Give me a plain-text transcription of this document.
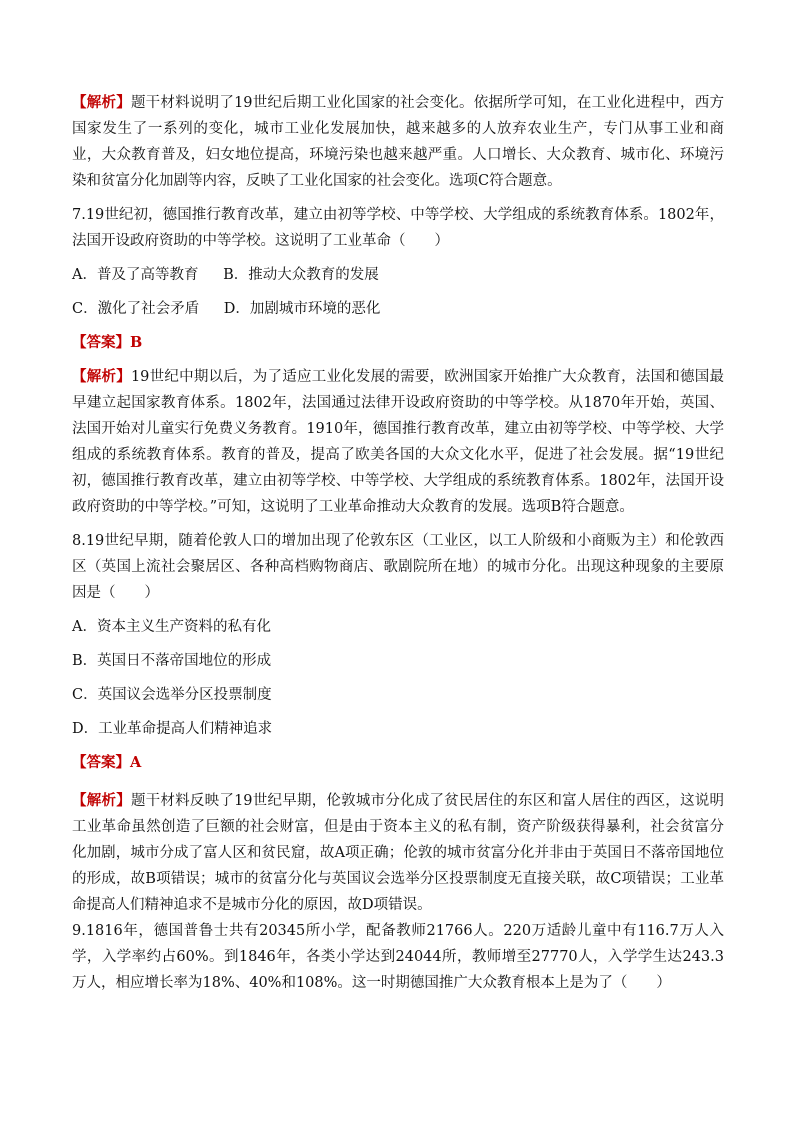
【解析】题干材料说明了19世纪后期工业化国家的社会变化。依据所学可知，在工业化进程中，西方国家发生了一系列的变化，城市工业化发展加快，越来越多的人放弃农业生产，专门从事工业和商业，大众教育普及，妇女地位提高，环境污染也越来越严重。人口增长、大众教育、城市化、环境污染和贫富分化加剧等内容，反映了工业化国家的社会变化。选项C符合题意。

7.19世纪初，德国推行教育改革，建立由初等学校、中等学校、大学组成的系统教育体系。1802年，法国开设政府资助的中等学校。这说明了工业革命（　　）

A．普及了高等教育 B．推动大众教育的发展

C．激化了社会矛盾 D．加剧城市环境的恶化

【答案】B

【解析】19世纪中期以后，为了适应工业化发展的需要，欧洲国家开始推广大众教育，法国和德国最早建立起国家教育体系。1802年，法国通过法律开设政府资助的中等学校。从1870年开始，英国、法国开始对儿童实行免费义务教育。1910年，德国推行教育改革，建立由初等学校、中等学校、大学组成的系统教育体系。教育的普及，提高了欧美各国的大众文化水平，促进了社会发展。据“19世纪初，德国推行教育改革，建立由初等学校、中等学校、大学组成的系统教育体系。1802年，法国开设政府资助的中等学校。”可知，这说明了工业革命推动大众教育的发展。选项B符合题意。

8.19世纪早期，随着伦敦人口的增加出现了伦敦东区（工业区，以工人阶级和小商贩为主）和伦敦西区（英国上流社会聚居区、各种高档购物商店、歌剧院所在地）的城市分化。出现这种现象的主要原因是（　　）

A．资本主义生产资料的私有化

B．英国日不落帝国地位的形成

C．英国议会选举分区投票制度

D．工业革命提高人们精神追求

【答案】A

【解析】题干材料反映了19世纪早期，伦敦城市分化成了贫民居住的东区和富人居住的西区，这说明工业革命虽然创造了巨额的社会财富，但是由于资本主义的私有制，资产阶级获得暴利，社会贫富分化加剧，城市分成了富人区和贫民窟，故A项正确；伦敦的城市贫富分化并非由于英国日不落帝国地位的形成，故B项错误；城市的贫富分化与英国议会选举分区投票制度无直接关联，故C项错误；工业革命提高人们精神追求不是城市分化的原因，故D项错误。

9.1816年，德国普鲁士共有20345所小学，配备教师21766人。220万适龄儿童中有116.7万人入学，入学率约占60%。到1846年，各类小学达到24044所，教师增至27770人，入学学生达243.3万人，相应增长率为18%、40%和108%。这一时期德国推广大众教育根本上是为了（　　）
